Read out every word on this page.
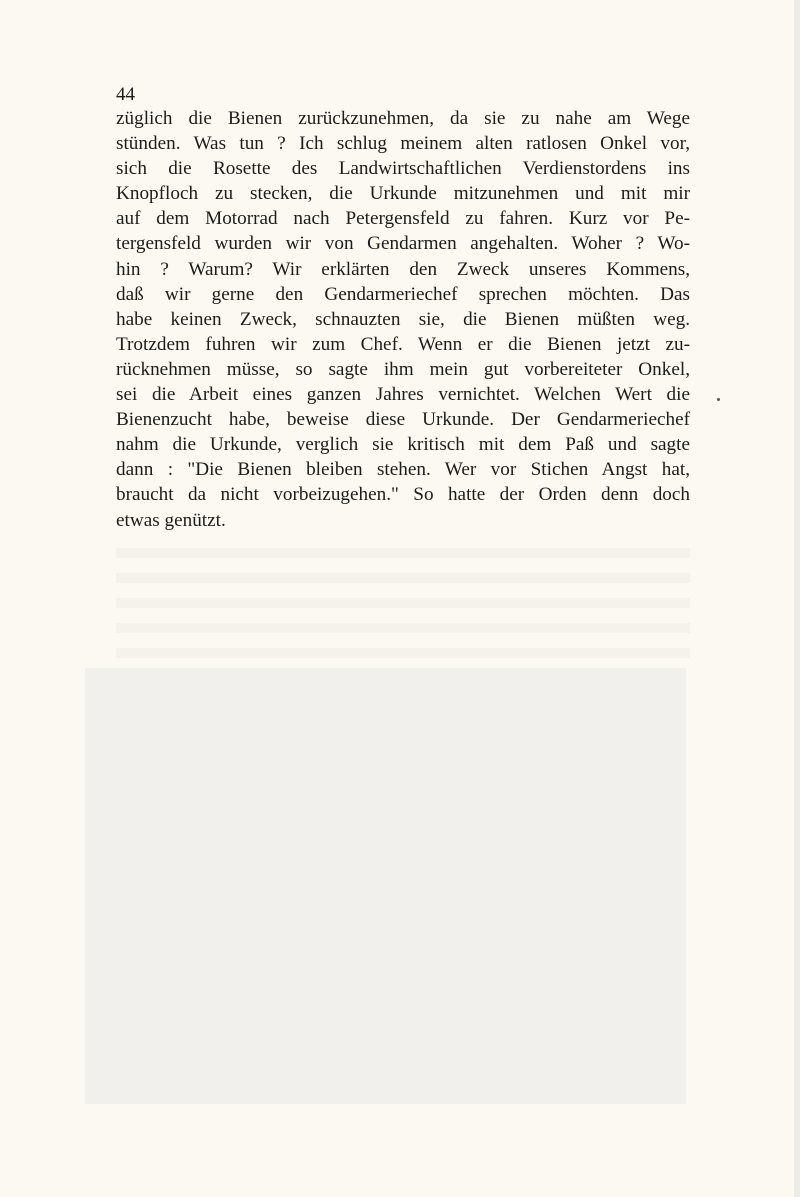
44
züglich die Bienen zurückzunehmen, da sie zu nahe am Wege
stünden. Was tun ? Ich schlug meinem alten ratlosen Onkel vor,
sich die Rosette des Landwirtschaftlichen Verdienstordens ins
Knopfloch zu stecken, die Urkunde mitzunehmen und mit mir
auf dem Motorrad nach Petergensfeld zu fahren. Kurz vor Pe-
tergensfeld wurden wir von Gendarmen angehalten. Woher ? Wo-
hin ? Warum? Wir erklärten den Zweck unseres Kommens,
daß wir gerne den Gendarmeriechef sprechen möchten. Das
habe keinen Zweck, schnauzten sie, die Bienen müßten weg.
Trotzdem fuhren wir zum Chef. Wenn er die Bienen jetzt zu-
rücknehmen müsse, so sagte ihm mein gut vorbereiteter Onkel,
sei die Arbeit eines ganzen Jahres vernichtet. Welchen Wert die
Bienenzucht habe, beweise diese Urkunde. Der Gendarmeriechef
nahm die Urkunde, verglich sie kritisch mit dem Paß und sagte
dann : "Die Bienen bleiben stehen. Wer vor Stichen Angst hat,
braucht da nicht vorbeizugehen." So hatte der Orden denn doch
etwas genützt.
